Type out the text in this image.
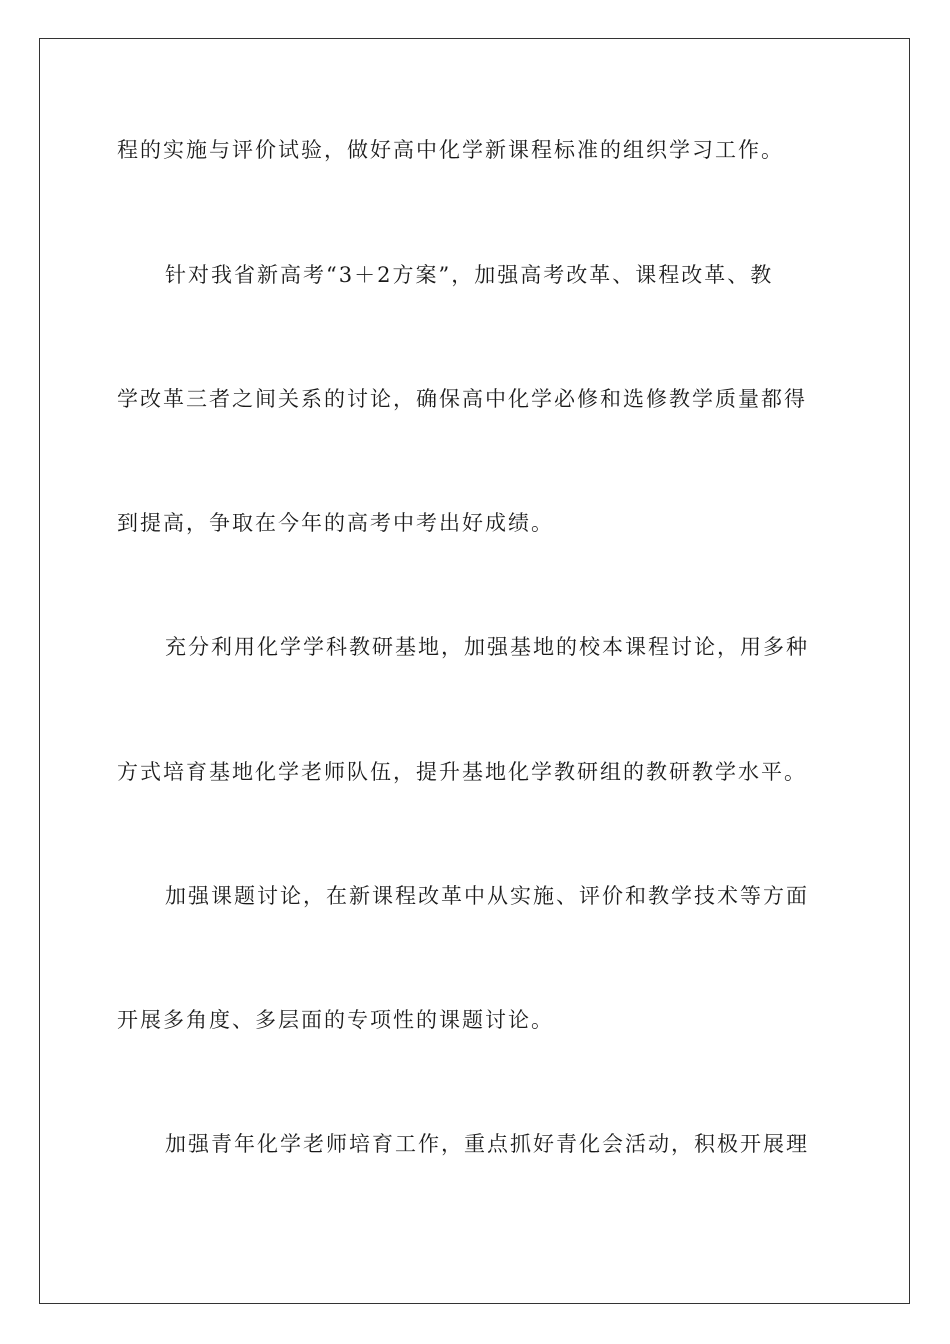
程的实施与评价试验，做好高中化学新课程标准的组织学习工作。
针对我省新高考“3＋2方案”，加强高考改革、课程改革、教
学改革三者之间关系的讨论，确保高中化学必修和选修教学质量都得
到提高，争取在今年的高考中考出好成绩。
充分利用化学学科教研基地，加强基地的校本课程讨论，用多种
方式培育基地化学老师队伍，提升基地化学教研组的教研教学水平。
加强课题讨论，在新课程改革中从实施、评价和教学技术等方面
开展多角度、多层面的专项性的课题讨论。
加强青年化学老师培育工作，重点抓好青化会活动，积极开展理
